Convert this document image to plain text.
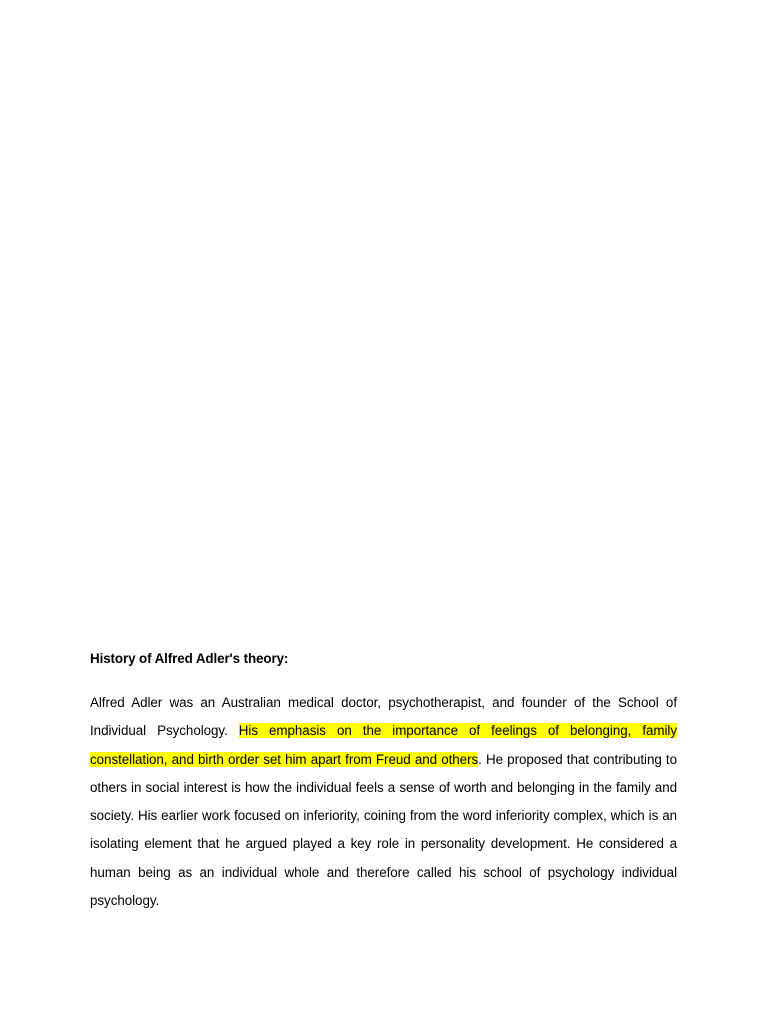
History of Alfred Adler's theory:

Alfred Adler was an Australian medical doctor, psychotherapist, and founder of the School of Individual Psychology. His emphasis on the importance of feelings of belonging, family constellation, and birth order set him apart from Freud and others. He proposed that contributing to others in social interest is how the individual feels a sense of worth and belonging in the family and society. His earlier work focused on inferiority, coining from the word inferiority complex, which is an isolating element that he argued played a key role in personality development. He considered a human being as an individual whole and therefore called his school of psychology individual psychology.
